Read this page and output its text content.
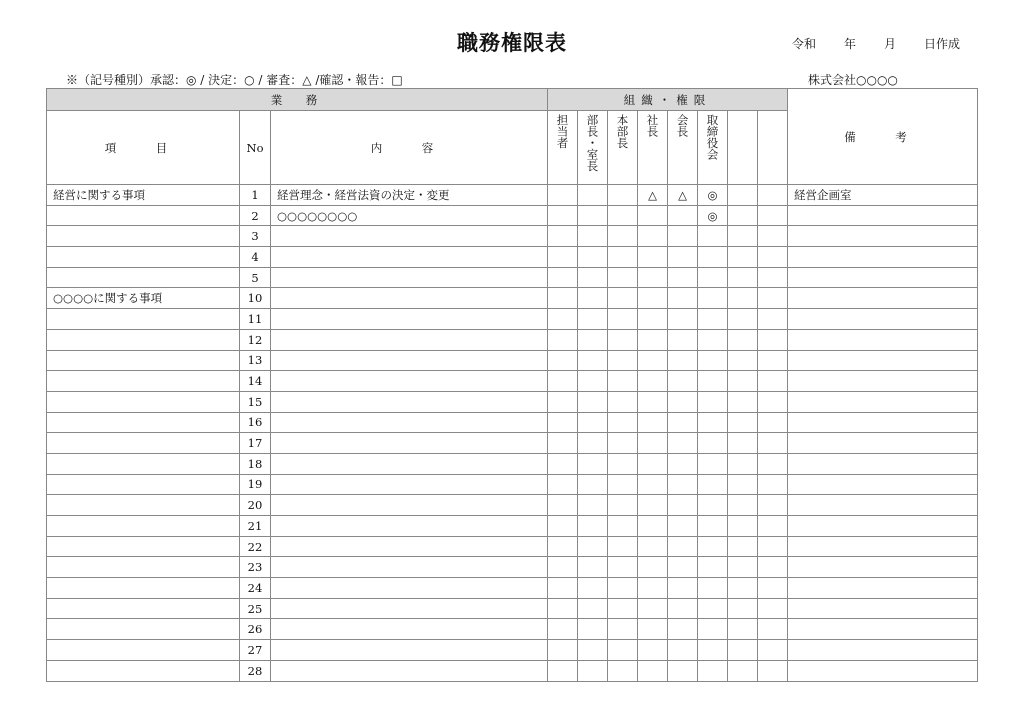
職務権限表	令和 年 月 日作成
※（記号種別）承認：◎ / 決定：○ / 審査：△ /確認・報告：□	株式会社○○○○
業　務			組織・権限								備　考
項　目	No	内　容	担当者	部長・室長	本部長	社長	会長	取締役会			
経営に関する事項	1	経営理念・経営法資の決定・変更				△	△	◎			経営企画室
	2	○○○○○○○○						◎			
	3										
	4										
	5										
○○○○に関する事項	10										
	11										
	12										
	13										
	14										
	15										
	16										
	17										
	18										
	19										
	20										
	21										
	22										
	23										
	24										
	25										
	26										
	27										
	28										
